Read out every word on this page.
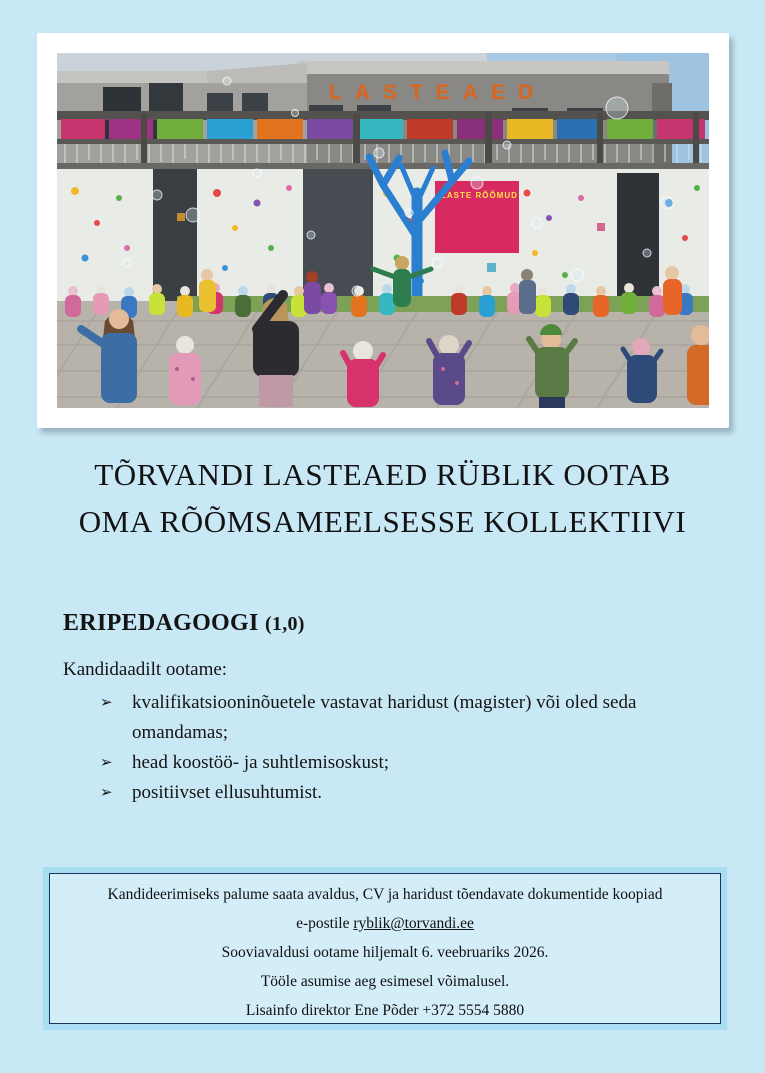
LASTEAED
LASTE RÕÕMUD
TÕRVANDI LASTEAED RÜBLIK OOTAB
OMA RÕÕMSAMEELSESSE KOLLEKTIIVI
ERIPEDAGOOGI (1,0)
Kandidaadilt ootame:
➢	kvalifikatsiooninõuetele vastavat haridust (magister) või oled seda omandamas;
➢	head koostöö- ja suhtlemisoskust;
➢	positiivset ellusuhtumist.

Kandideerimiseks palume saata avaldus, CV ja haridust tõendavate dokumentide koopiad

e-postile ryblik@torvandi.ee

Sooviavaldusi ootame hiljemalt 6. veebruariks 2026.

Tööle asumise aeg esimesel võimalusel.

Lisainfo direktor Ene Põder +372 5554 5880
